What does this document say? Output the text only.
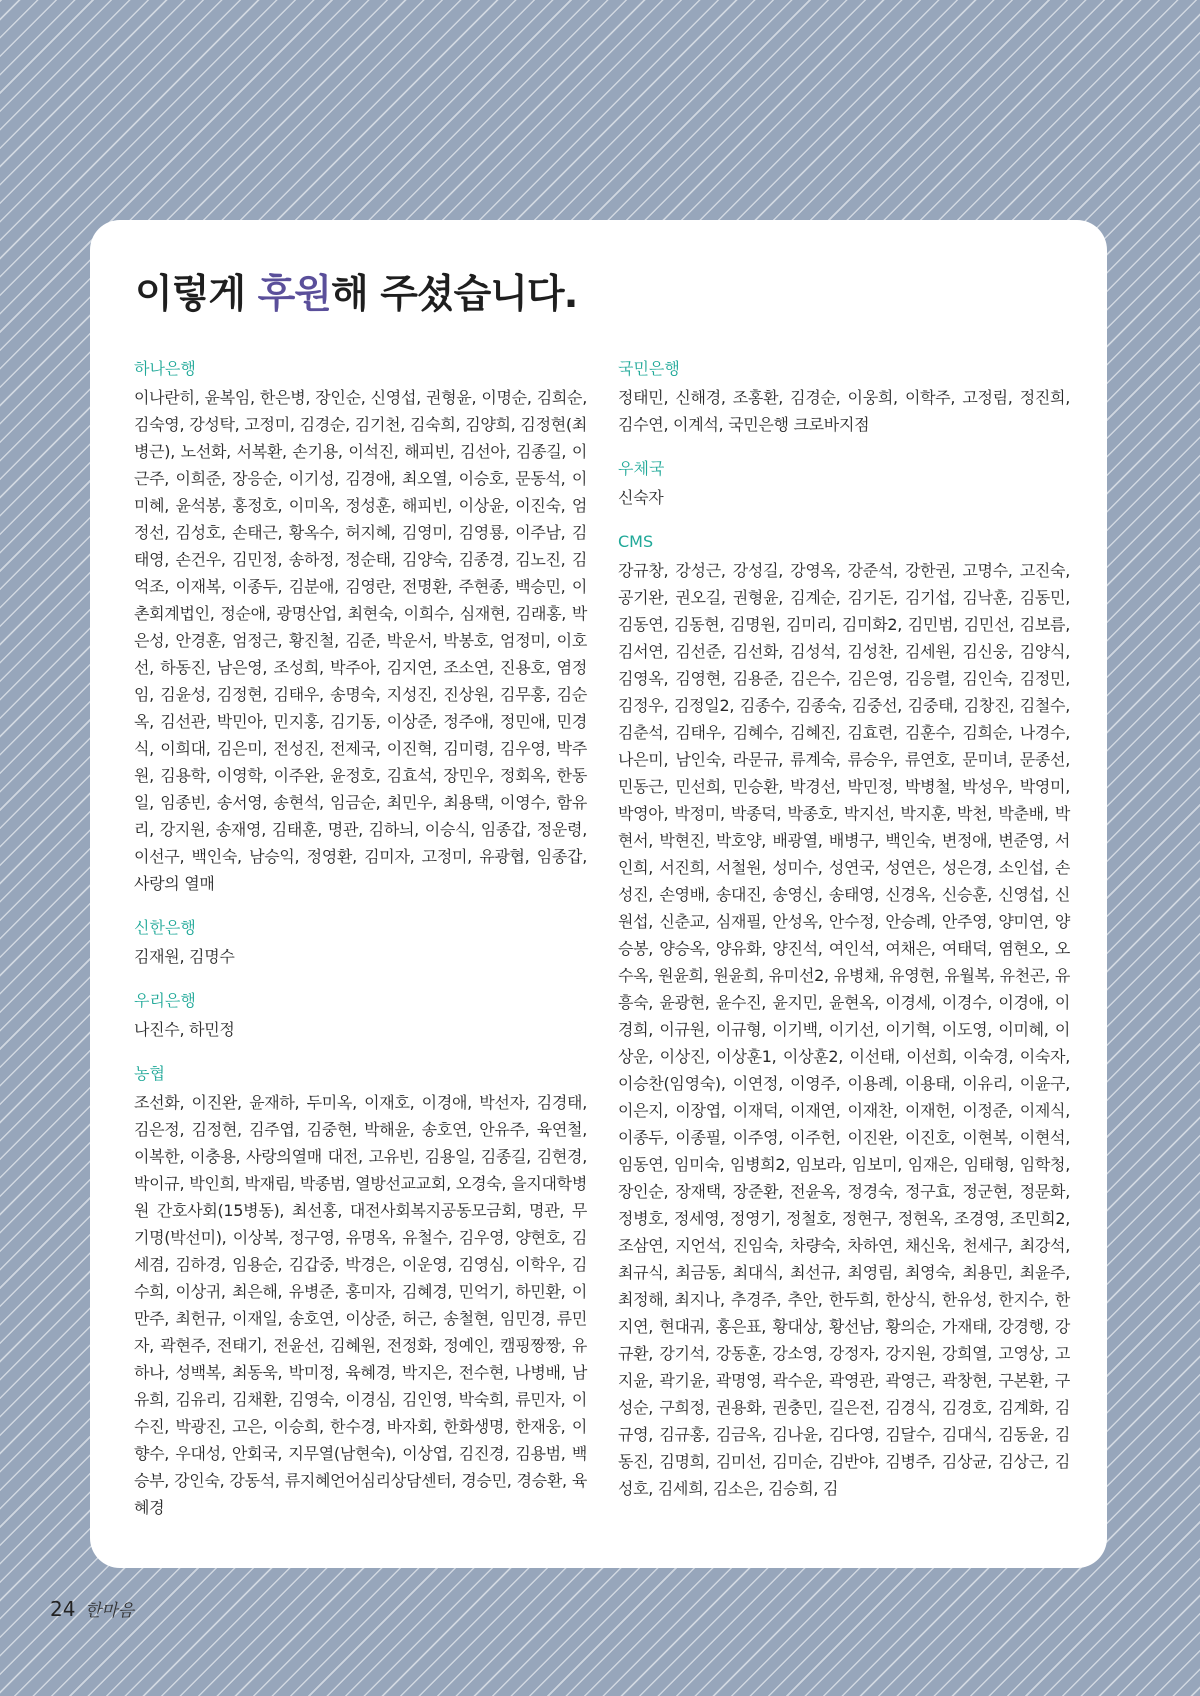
이렇게 후원해 주셨습니다.
하나은행

이나란히, 윤복임, 한은병, 장인순, 신영섭, 권형윤, 이명순, 김희순, 김숙영, 강성탁, 고정미, 김경순, 김기천, 김숙희, 김양희, 김정현(최병근), 노선화, 서복환, 손기용, 이석진, 해피빈, 김선아, 김종길, 이근주, 이희준, 장응순, 이기성, 김경애, 최오열, 이승호, 문동석, 이미혜, 윤석봉, 홍정호, 이미옥, 정성훈, 해피빈, 이상윤, 이진숙, 엄정선, 김성호, 손태근, 황옥수, 허지혜, 김영미, 김영룡, 이주남, 김태영, 손건우, 김민정, 송하정, 정순태, 김양숙, 김종경, 김노진, 김억조, 이재복, 이종두, 김분애, 김영란, 전명환, 주현종, 백승민, 이촌회계법인, 정순애, 광명산업, 최현숙, 이희수, 심재현, 김래홍, 박은성, 안경훈, 엄정근, 황진철, 김준, 박운서, 박봉호, 엄정미, 이호선, 하동진, 남은영, 조성희, 박주아, 김지연, 조소연, 진용호, 염정임, 김윤성, 김정현, 김태우, 송명숙, 지성진, 진상원, 김무홍, 김순옥, 김선관, 박민아, 민지홍, 김기동, 이상준, 정주애, 정민애, 민경식, 이희대, 김은미, 전성진, 전제국, 이진혁, 김미령, 김우영, 박주원, 김용학, 이영학, 이주완, 윤정호, 김효석, 장민우, 정회옥, 한동일, 임종빈, 송서영, 송현석, 임금순, 최민우, 최용택, 이영수, 함유리, 강지원, 송재영, 김태훈, 명관, 김하늬, 이승식, 임종갑, 정운령, 이선구, 백인숙, 남승익, 정영환, 김미자, 고정미, 유광협, 임종갑, 사랑의 열매

신한은행

김재원, 김명수

우리은행

나진수, 하민정

농협

조선화, 이진완, 윤재하, 두미옥, 이재호, 이경애, 박선자, 김경태, 김은정, 김정현, 김주엽, 김중현, 박해윤, 송호연, 안유주, 육연철, 이복한, 이충용, 사랑의열매 대전, 고유빈, 김용일, 김종길, 김현경, 박이규, 박인희, 박재림, 박종범, 열방선교교회, 오경숙, 을지대학병원 간호사회(15병동), 최선홍, 대전사회복지공동모금회, 명관, 무기명(박선미), 이상복, 정구영, 유명옥, 유철수, 김우영, 양현호, 김세겸, 김하경, 임용순, 김갑중, 박경은, 이운영, 김영심, 이학우, 김수희, 이상귀, 최은해, 유병준, 홍미자, 김혜경, 민억기, 하민환, 이만주, 최헌규, 이재일, 송호연, 이상준, 허근, 송철현, 임민경, 류민자, 곽현주, 전태기, 전윤선, 김혜원, 전정화, 정예인, 캠핑짱짱, 유하나, 성백복, 최동욱, 박미정, 육혜경, 박지은, 전수현, 나병배, 남유희, 김유리, 김채환, 김영숙, 이경심, 김인영, 박숙희, 류민자, 이수진, 박광진, 고은, 이승희, 한수경, 바자회, 한화생명, 한재웅, 이향수, 우대성, 안회국, 지무열(남현숙), 이상엽, 김진경, 김용범, 백승부, 강인숙, 강동석, 류지혜언어심리상담센터, 경승민, 경승환, 육혜경

국민은행

정태민, 신해경, 조홍환, 김경순, 이웅희, 이학주, 고정림, 정진희, 김수연, 이계석, 국민은행 크로바지점

우체국

신숙자

CMS

강규창, 강성근, 강성길, 강영옥, 강준석, 강한권, 고명수, 고진숙, 공기완, 권오길, 권형윤, 김계순, 김기돈, 김기섭, 김낙훈, 김동민, 김동연, 김동현, 김명원, 김미리, 김미화2, 김민범, 김민선, 김보름, 김서연, 김선준, 김선화, 김성석, 김성찬, 김세원, 김신웅, 김양식, 김영옥, 김영현, 김용준, 김은수, 김은영, 김응렬, 김인숙, 김정민, 김정우, 김정일2, 김종수, 김종숙, 김중선, 김중태, 김창진, 김철수, 김춘석, 김태우, 김혜수, 김혜진, 김효련, 김훈수, 김희순, 나경수, 나은미, 남인숙, 라문규, 류계숙, 류승우, 류연호, 문미녀, 문종선, 민동근, 민선희, 민승환, 박경선, 박민정, 박병철, 박성우, 박영미, 박영아, 박정미, 박종덕, 박종호, 박지선, 박지훈, 박천, 박춘배, 박현서, 박현진, 박호양, 배광열, 배병구, 백인숙, 변정애, 변준영, 서인희, 서진희, 서철원, 성미수, 성연국, 성연은, 성은경, 소인섭, 손성진, 손영배, 송대진, 송영신, 송태영, 신경옥, 신승훈, 신영섭, 신원섭, 신춘교, 심재필, 안성옥, 안수정, 안승례, 안주영, 양미연, 양승봉, 양승옥, 양유화, 양진석, 여인석, 여채은, 여태덕, 염현오, 오수옥, 원윤희, 원윤희, 유미선2, 유병채, 유영현, 유월복, 유천곤, 유흥숙, 윤광현, 윤수진, 윤지민, 윤현옥, 이경세, 이경수, 이경애, 이경희, 이규원, 이규형, 이기백, 이기선, 이기혁, 이도영, 이미혜, 이상운, 이상진, 이상훈1, 이상훈2, 이선태, 이선희, 이숙경, 이숙자, 이승찬(임영숙), 이연정, 이영주, 이용례, 이용태, 이유리, 이윤구, 이은지, 이장엽, 이재덕, 이재연, 이재찬, 이재헌, 이정준, 이제식, 이종두, 이종필, 이주영, 이주헌, 이진완, 이진호, 이현복, 이현석, 임동연, 임미숙, 임병희2, 임보라, 임보미, 임재은, 임태형, 임학청, 장인순, 장재택, 장준환, 전윤옥, 정경숙, 정구효, 정군현, 정문화, 정병호, 정세영, 정영기, 정철호, 정현구, 정현옥, 조경영, 조민희2, 조삼연, 지언석, 진임숙, 차량숙, 차하연, 채신욱, 천세구, 최강석, 최규식, 최금동, 최대식, 최선규, 최영림, 최영숙, 최용민, 최윤주, 최정해, 최지나, 추경주, 추안, 한두희, 한상식, 한유성, 한지수, 한지연, 현대궈, 홍은표, 황대상, 황선남, 황의순, 가재태, 강경행, 강규환, 강기석, 강동훈, 강소영, 강정자, 강지원, 강희열, 고영상, 고지윤, 곽기윤, 곽명영, 곽수운, 곽영관, 곽영근, 곽창현, 구본환, 구성순, 구희정, 권용화, 권충민, 길은전, 김경식, 김경호, 김계화, 김규영, 김규홍, 김금옥, 김나윤, 김다영, 김달수, 김대식, 김동윤, 김동진, 김명희, 김미선, 김미순, 김반야, 김병주, 김상균, 김상근, 김성호, 김세희, 김소은, 김승희, 김

24 한마음
